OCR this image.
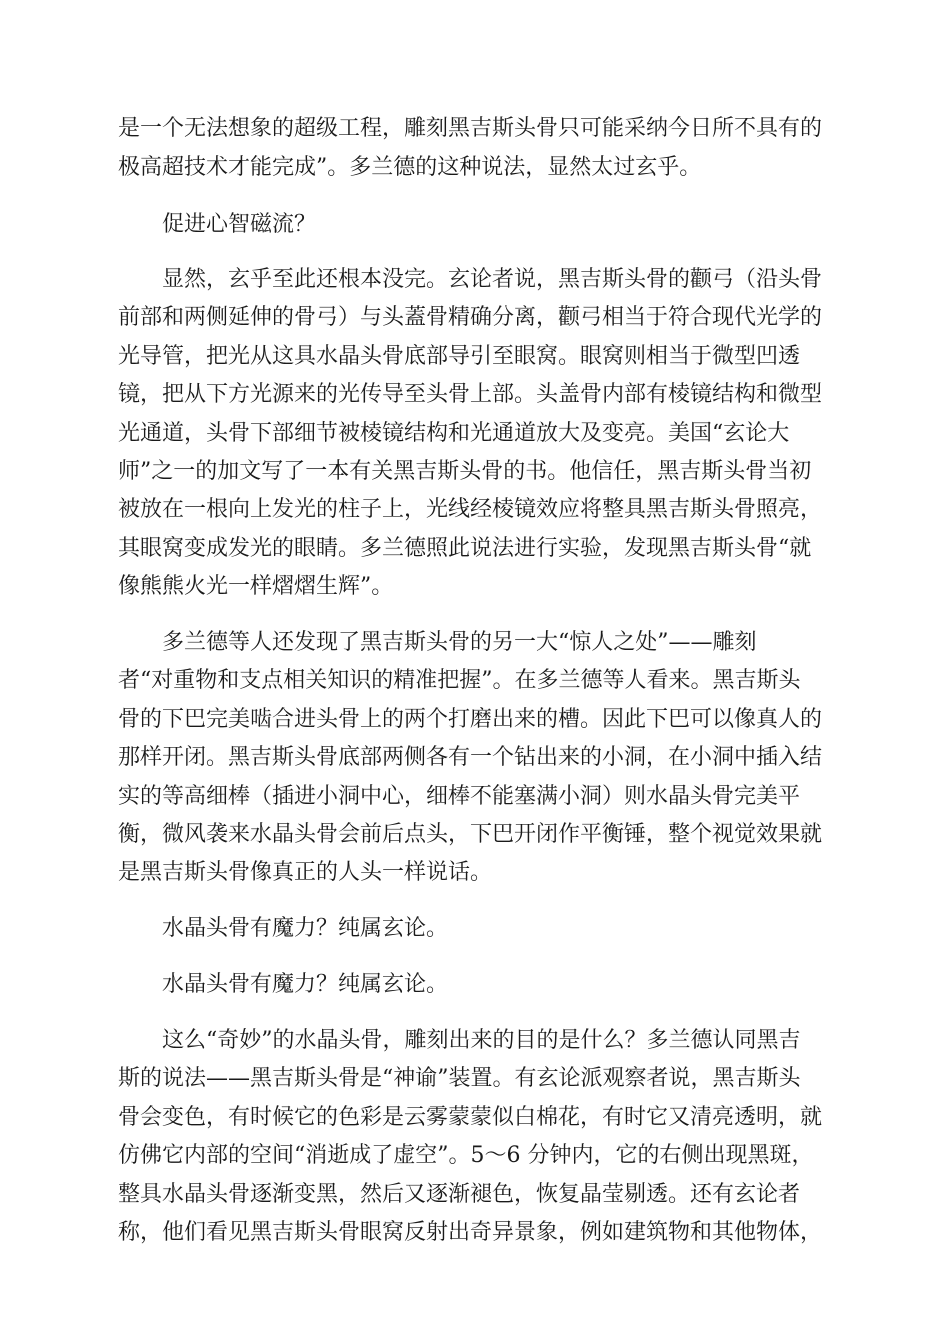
是一个无法想象的超级工程，雕刻黑吉斯头骨只可能采纳今日所不具有的
极高超技术才能完成”。多兰德的这种说法，显然太过玄乎。
促进心智磁流？
显然，玄乎至此还根本没完。玄论者说，黑吉斯头骨的颧弓（沿头骨
前部和两侧延伸的骨弓）与头蓋骨精确分离，颧弓相当于符合现代光学的
光导管，把光从这具水晶头骨底部导引至眼窝。眼窝则相当于微型凹透
镜，把从下方光源来的光传导至头骨上部。头盖骨内部有棱镜结构和微型
光通道，头骨下部细节被棱镜结构和光通道放大及变亮。美国“玄论大
师”之一的加文写了一本有关黑吉斯头骨的书。他信任，黑吉斯头骨当初
被放在一根向上发光的柱子上，光线经棱镜效应将整具黑吉斯头骨照亮，
其眼窝变成发光的眼睛。多兰德照此说法进行实验，发现黑吉斯头骨“就
像熊熊火光一样熠熠生辉”。
多兰德等人还发现了黑吉斯头骨的另一大“惊人之处”——雕刻
者“对重物和支点相关知识的精准把握”。在多兰德等人看来。黑吉斯头
骨的下巴完美啮合进头骨上的两个打磨出来的槽。因此下巴可以像真人的
那样开闭。黑吉斯头骨底部两侧各有一个钻出来的小洞，在小洞中插入结
实的等高细棒（插进小洞中心，细棒不能塞满小洞）则水晶头骨完美平
衡，微风袭来水晶头骨会前后点头，下巴开闭作平衡锤，整个视觉效果就
是黑吉斯头骨像真正的人头一样说话。
水晶头骨有魔力？纯属玄论。
水晶头骨有魔力？纯属玄论。
这么“奇妙”的水晶头骨，雕刻出来的目的是什么？多兰德认同黑吉
斯的说法——黑吉斯头骨是“神谕”装置。有玄论派观察者说，黑吉斯头
骨会变色，有时候它的色彩是云雾蒙蒙似白棉花，有时它又清亮透明，就
仿佛它内部的空间“消逝成了虚空”。5～6 分钟内，它的右侧出现黑斑，
整具水晶头骨逐渐变黑，然后又逐渐褪色，恢复晶莹剔透。还有玄论者
称，他们看见黑吉斯头骨眼窝反射出奇异景象，例如建筑物和其他物体，
